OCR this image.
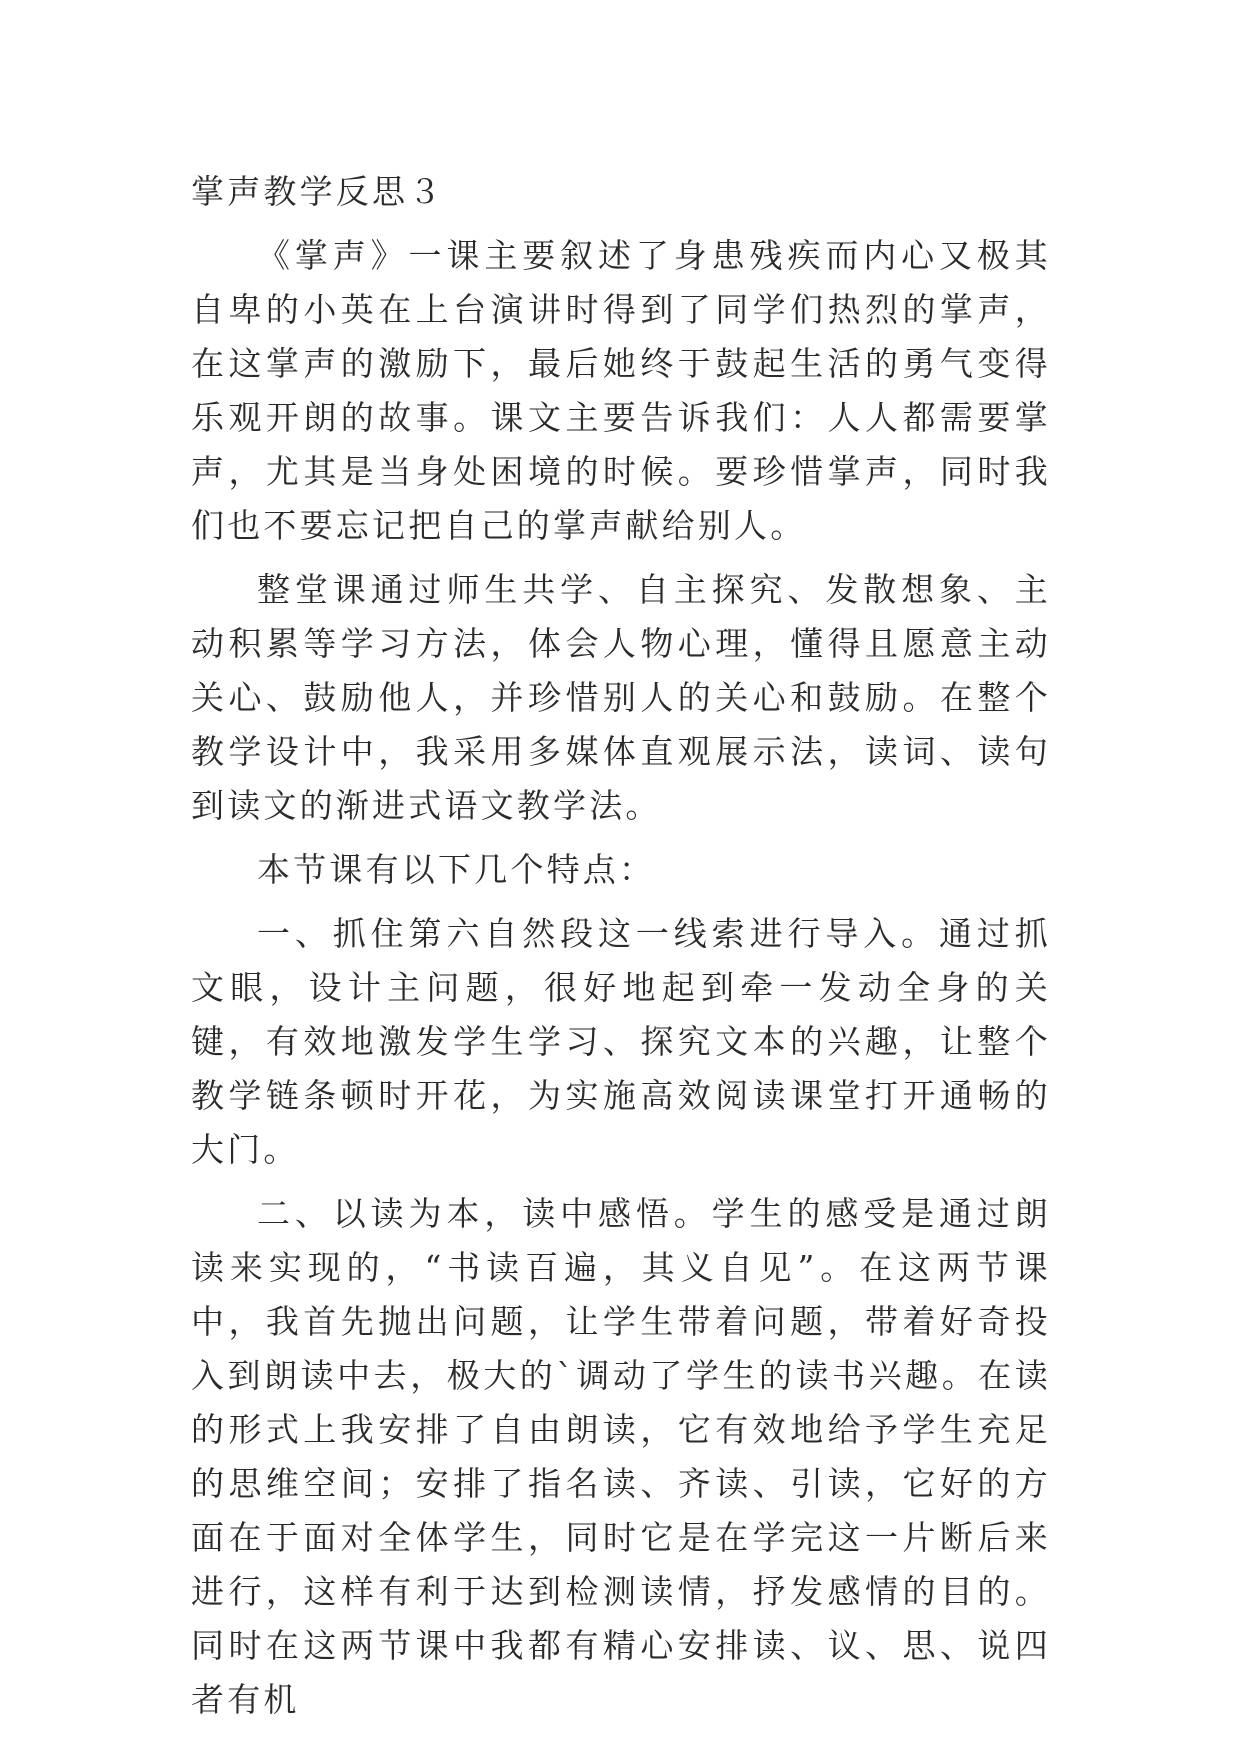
掌声教学反思３

《掌声》一课主要叙述了身患残疾而内心又极其自卑的小英在上台演讲时得到了同学们热烈的掌声，在这掌声的激励下，最后她终于鼓起生活的勇气变得乐观开朗的故事。课文主要告诉我们：人人都需要掌声，尤其是当身处困境的时候。要珍惜掌声，同时我们也不要忘记把自己的掌声献给别人。

整堂课通过师生共学、自主探究、发散想象、主动积累等学习方法，体会人物心理，懂得且愿意主动关心、鼓励他人，并珍惜别人的关心和鼓励。在整个教学设计中，我采用多媒体直观展示法，读词、读句到读文的渐进式语文教学法。

本节课有以下几个特点：

一、抓住第六自然段这一线索进行导入。通过抓文眼，设计主问题，很好地起到牵一发动全身的关键，有效地激发学生学习、探究文本的兴趣，让整个教学链条顿时开花，为实施高效阅读课堂打开通畅的大门。

二、以读为本，读中感悟。学生的感受是通过朗读来实现的，“书读百遍，其义自见”。在这两节课中，我首先抛出问题，让学生带着问题，带着好奇投入到朗读中去，极大的`调动了学生的读书兴趣。在读的形式上我安排了自由朗读，它有效地给予学生充足的思维空间；安排了指名读、齐读、引读，它好的方面在于面对全体学生，同时它是在学完这一片断后来进行，这样有利于达到检测读情，抒发感情的目的。同时在这两节课中我都有精心安排读、议、思、说四者有机
